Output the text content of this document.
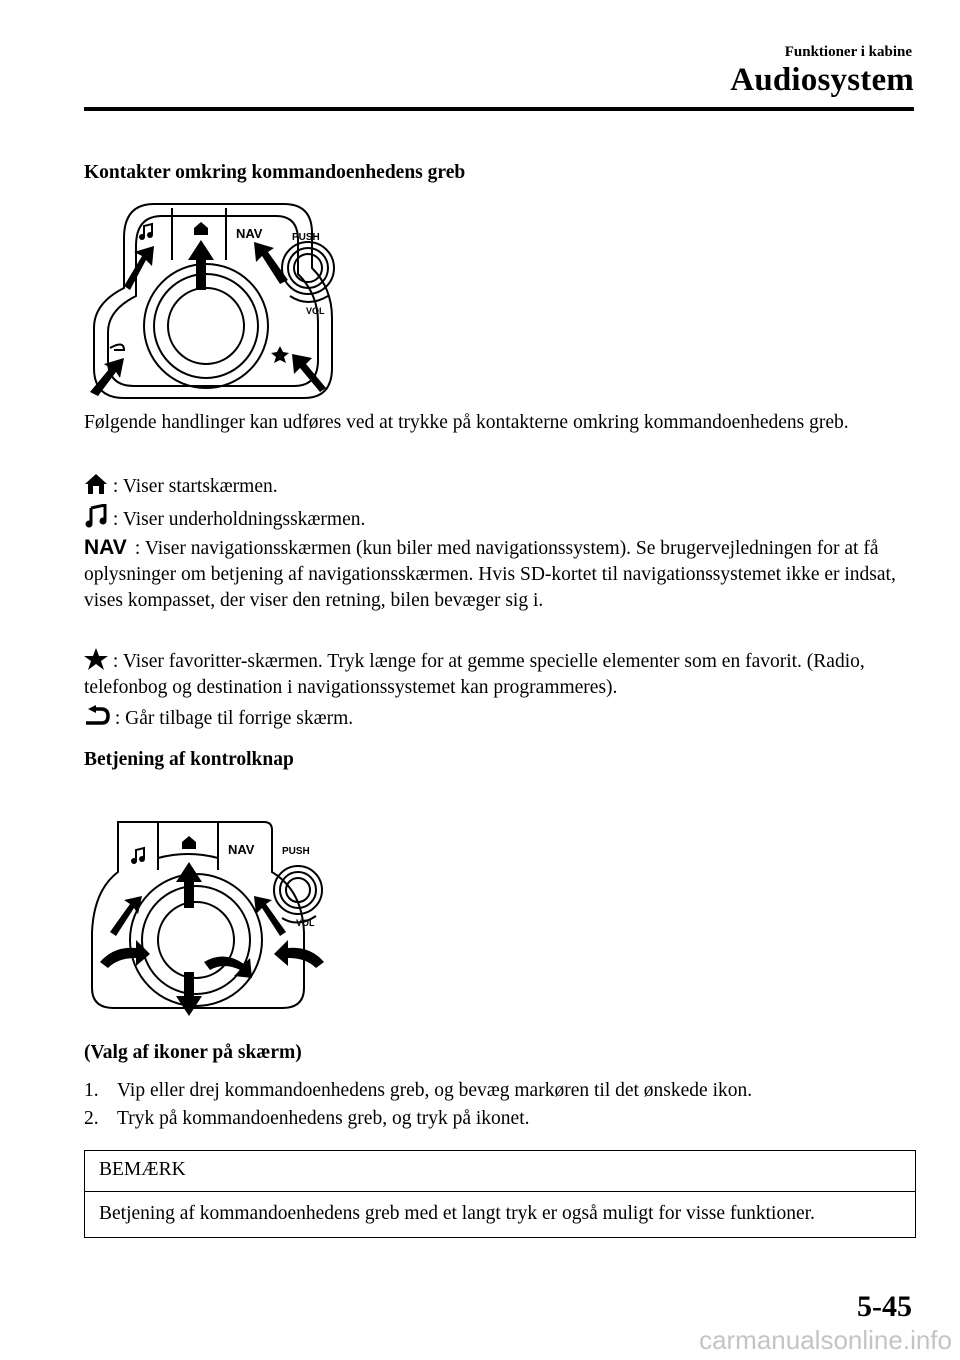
Funktioner i kabine
Audiosystem
Kontakter omkring kommandoenhedens greb
NAV	PUSH
VOL
Følgende handlinger kan udføres ved at trykke på kontakterne omkring kommandoenhedens greb.
: Viser startskærmen.
: Viser underholdningsskærmen.
NAV : Viser navigationsskærmen (kun biler med navigationssystem). Se brugervejledningen for at få oplysninger om betjening af navigationsskærmen. Hvis SD-kortet til navigationssystemet ikke er indsat, vises kompasset, der viser den retning, bilen bevæger sig i.
: Viser favoritter-skærmen. Tryk længe for at gemme specielle elementer som en favorit. (Radio, telefonbog og destination i navigationssystemet kan programmeres).
: Går tilbage til forrige skærm.
Betjening af kontrolknap
NAV	PUSH
VOL
(Valg af ikoner på skærm)
1. Vip eller drej kommandoenhedens greb, og bevæg markøren til det ønskede ikon.
2. Tryk på kommandoenhedens greb, og tryk på ikonet.
BEMÆRK
Betjening af kommandoenhedens greb med et langt tryk er også muligt for visse funktioner.
5-45
carmanualsonline.info
